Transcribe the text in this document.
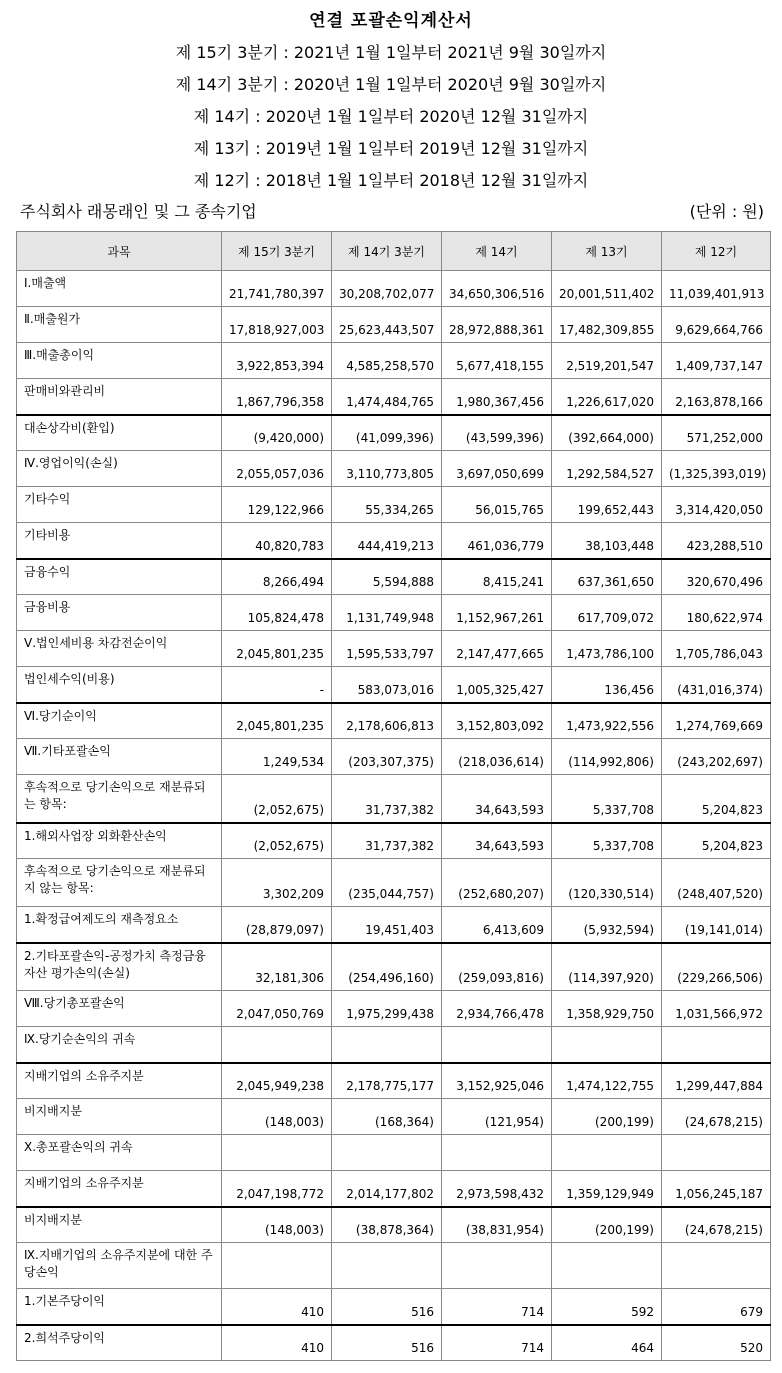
연결 포괄손익계산서
제 15기 3분기 : 2021년 1월 1일부터 2021년 9월 30일까지
제 14기 3분기 : 2020년 1월 1일부터 2020년 9월 30일까지
제 14기 : 2020년 1월 1일부터 2020년 12월 31일까지
제 13기 : 2019년 1월 1일부터 2019년 12월 31일까지
제 12기 : 2018년 1월 1일부터 2018년 12월 31일까지
주식회사 래몽래인 및 그 종속기업	(단위 : 원)
과목	제 15기 3분기	제 14기 3분기	제 14기	제 13기	제 12기
Ⅰ.매출액	21,741,780,397	30,208,702,077	34,650,306,516	20,001,511,402	11,039,401,913
Ⅱ.매출원가	17,818,927,003	25,623,443,507	28,972,888,361	17,482,309,855	9,629,664,766
Ⅲ.매출총이익	3,922,853,394	4,585,258,570	5,677,418,155	2,519,201,547	1,409,737,147
판매비와관리비	1,867,796,358	1,474,484,765	1,980,367,456	1,226,617,020	2,163,878,166
대손상각비(환입)	(9,420,000)	(41,099,396)	(43,599,396)	(392,664,000)	571,252,000
Ⅳ.영업이익(손실)	2,055,057,036	3,110,773,805	3,697,050,699	1,292,584,527	(1,325,393,019)
기타수익	129,122,966	55,334,265	56,015,765	199,652,443	3,314,420,050
기타비용	40,820,783	444,419,213	461,036,779	38,103,448	423,288,510
금융수익	8,266,494	5,594,888	8,415,241	637,361,650	320,670,496
금융비용	105,824,478	1,131,749,948	1,152,967,261	617,709,072	180,622,974
Ⅴ.법인세비용 차감전순이익	2,045,801,235	1,595,533,797	2,147,477,665	1,473,786,100	1,705,786,043
법인세수익(비용)	-	583,073,016	1,005,325,427	136,456	(431,016,374)
Ⅵ.당기순이익	2,045,801,235	2,178,606,813	3,152,803,092	1,473,922,556	1,274,769,669
Ⅶ.기타포괄손익	1,249,534	(203,307,375)	(218,036,614)	(114,992,806)	(243,202,697)
후속적으로 당기손익으로 재분류되는 항목:	(2,052,675)	31,737,382	34,643,593	5,337,708	5,204,823
1.해외사업장 외화환산손익	(2,052,675)	31,737,382	34,643,593	5,337,708	5,204,823
후속적으로 당기손익으로 재분류되지 않는 항목:	3,302,209	(235,044,757)	(252,680,207)	(120,330,514)	(248,407,520)
1.확정급여제도의 재측정요소	(28,879,097)	19,451,403	6,413,609	(5,932,594)	(19,141,014)
2.기타포괄손익-공정가치 측정금융자산 평가손익(손실)	32,181,306	(254,496,160)	(259,093,816)	(114,397,920)	(229,266,506)
Ⅷ.당기총포괄손익	2,047,050,769	1,975,299,438	2,934,766,478	1,358,929,750	1,031,566,972
Ⅸ.당기순손익의 귀속					
지배기업의 소유주지분	2,045,949,238	2,178,775,177	3,152,925,046	1,474,122,755	1,299,447,884
비지배지분	(148,003)	(168,364)	(121,954)	(200,199)	(24,678,215)
Ⅹ.총포괄손익의 귀속					
지배기업의 소유주지분	2,047,198,772	2,014,177,802	2,973,598,432	1,359,129,949	1,056,245,187
비지배지분	(148,003)	(38,878,364)	(38,831,954)	(200,199)	(24,678,215)
Ⅸ.지배기업의 소유주지분에 대한 주당손익					
1.기본주당이익	410	516	714	592	679
2.희석주당이익	410	516	714	464	520
